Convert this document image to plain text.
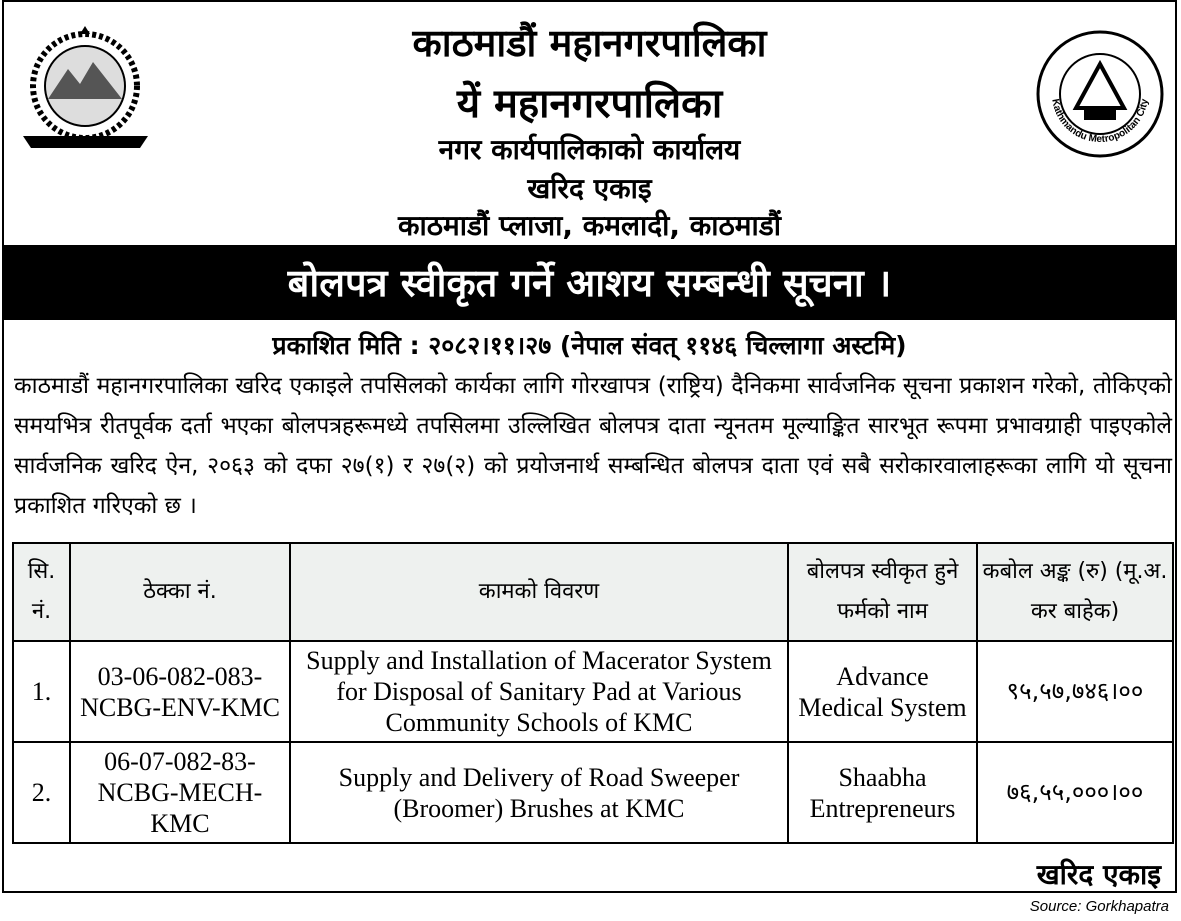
काठमाडौं महानगरपालिका
यें महानगरपालिका
नगर कार्यपालिकाको कार्यालय
खरिद एकाइ
काठमाडौं प्लाजा, कमलादी, काठमाडौं
Kathmandu Metropolitan City
बोलपत्र स्वीकृत गर्ने आशय सम्बन्धी सूचना ।
प्रकाशित मिति : २०८२।११।२७ (नेपाल संवत् ११४६ चिल्लागा अस्टमि)
काठमाडौं महानगरपालिका खरिद एकाइले तपसिलको कार्यका लागि गोरखापत्र (राष्ट्रिय) दैनिकमा सार्वजनिक सूचना प्रकाशन गरेको, तोकिएको समयभित्र रीतपूर्वक दर्ता भएका बोलपत्रहरूमध्ये तपसिलमा उल्लिखित बोलपत्र दाता न्यूनतम मूल्याङ्कित सारभूत रूपमा प्रभावग्राही पाइएकोले सार्वजनिक खरिद ऐन, २०६३ को दफा २७(१) र २७(२) को प्रयोजनार्थ सम्बन्धित बोलपत्र दाता एवं सबै सरोकारवालाहरूका लागि यो सूचना प्रकाशित गरिएको छ ।
सि. नं.	ठेक्का नं.	कामको विवरण	बोलपत्र स्वीकृत हुने फर्मको नाम	कबोल अङ्क (रु) (मू.अ. कर बाहेक)
1.	03-06-082-083-NCBG-ENV-KMC	Supply and Installation of Macerator System for Disposal of Sanitary Pad at Various Community Schools of KMC	Advance Medical System	९५,५७,७४६।००
2.	06-07-082-83-NCBG-MECH-KMC	Supply and Delivery of Road Sweeper (Broomer) Brushes at KMC	Shaabha Entrepreneurs	७६,५५,०००।००
खरिद एकाइ
Source: Gorkhapatra
